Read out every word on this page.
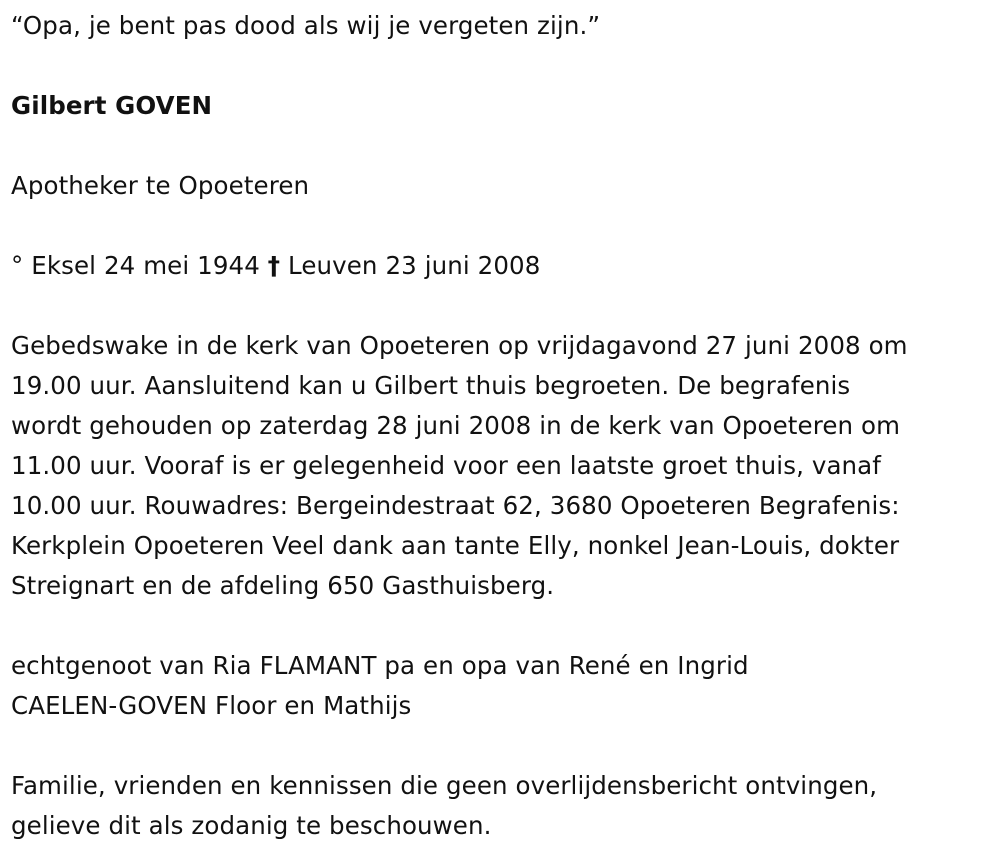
“Opa, je bent pas dood als wij je vergeten zijn.”

Gilbert GOVEN

Apotheker te Opoeteren

° Eksel 24 mei 1944 † Leuven 23 juni 2008

Gebedswake in de kerk van Opoeteren op vrijdagavond 27 juni 2008 om

19.00 uur. Aansluitend kan u Gilbert thuis begroeten. De begrafenis

wordt gehouden op zaterdag 28 juni 2008 in de kerk van Opoeteren om

11.00 uur. Vooraf is er gelegenheid voor een laatste groet thuis, vanaf

10.00 uur. Rouwadres: Bergeindestraat 62, 3680 Opoeteren Begrafenis:

Kerkplein Opoeteren Veel dank aan tante Elly, nonkel Jean-Louis, dokter

Streignart en de afdeling 650 Gasthuisberg.

echtgenoot van Ria FLAMANT pa en opa van René en Ingrid

CAELEN-GOVEN Floor en Mathijs

Familie, vrienden en kennissen die geen overlijdensbericht ontvingen,

gelieve dit als zodanig te beschouwen.
